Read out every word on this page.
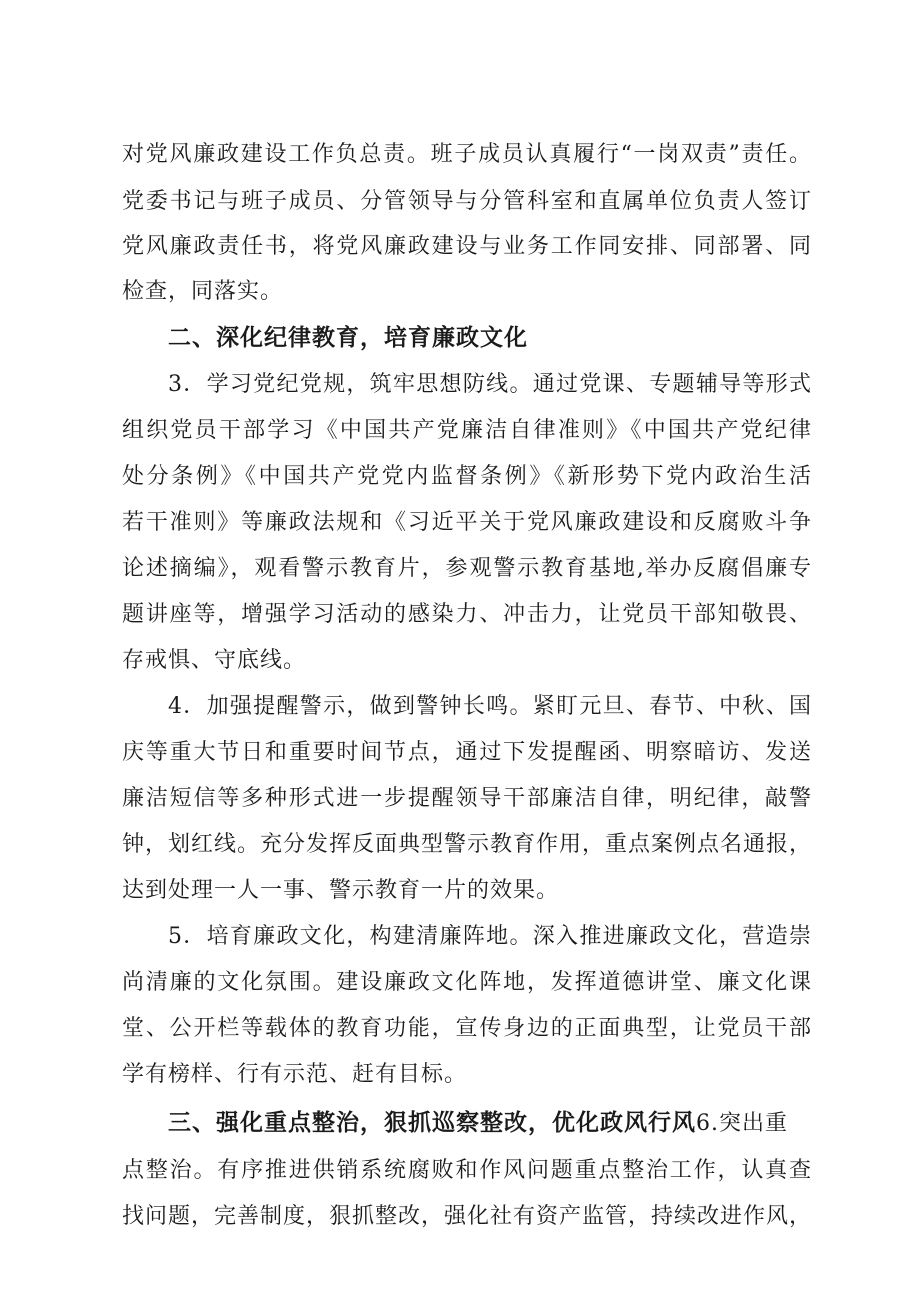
对党风廉政建设工作负总责。班子成员认真履行“一岗双责”责任。
党委书记与班子成员、分管领导与分管科室和直属单位负责人签订
党风廉政责任书，将党风廉政建设与业务工作同安排、同部署、同
检查，同落实。
二、深化纪律教育，培育廉政文化
3．学习党纪党规，筑牢思想防线。通过党课、专题辅导等形式
组织党员干部学习《中国共产党廉洁自律准则》《中国共产党纪律
处分条例》《中国共产党党内监督条例》《新形势下党内政治生活
若干准则》等廉政法规和《习近平关于党风廉政建设和反腐败斗争
论述摘编》，观看警示教育片，参观警示教育基地,举办反腐倡廉专
题讲座等，增强学习活动的感染力、冲击力，让党员干部知敬畏、
存戒惧、守底线。
4．加强提醒警示，做到警钟长鸣。紧盯元旦、春节、中秋、国
庆等重大节日和重要时间节点，通过下发提醒函、明察暗访、发送
廉洁短信等多种形式进一步提醒领导干部廉洁自律，明纪律，敲警
钟，划红线。充分发挥反面典型警示教育作用，重点案例点名通报，
达到处理一人一事、警示教育一片的效果。
5．培育廉政文化，构建清廉阵地。深入推进廉政文化，营造崇
尚清廉的文化氛围。建设廉政文化阵地，发挥道德讲堂、廉文化课
堂、公开栏等载体的教育功能，宣传身边的正面典型，让党员干部
学有榜样、行有示范、赶有目标。
三、强化重点整治，狠抓巡察整改，优化政风行风6.突出重
点整治。有序推进供销系统腐败和作风问题重点整治工作，认真查
找问题，完善制度，狠抓整改，强化社有资产监管，持续改进作风，
